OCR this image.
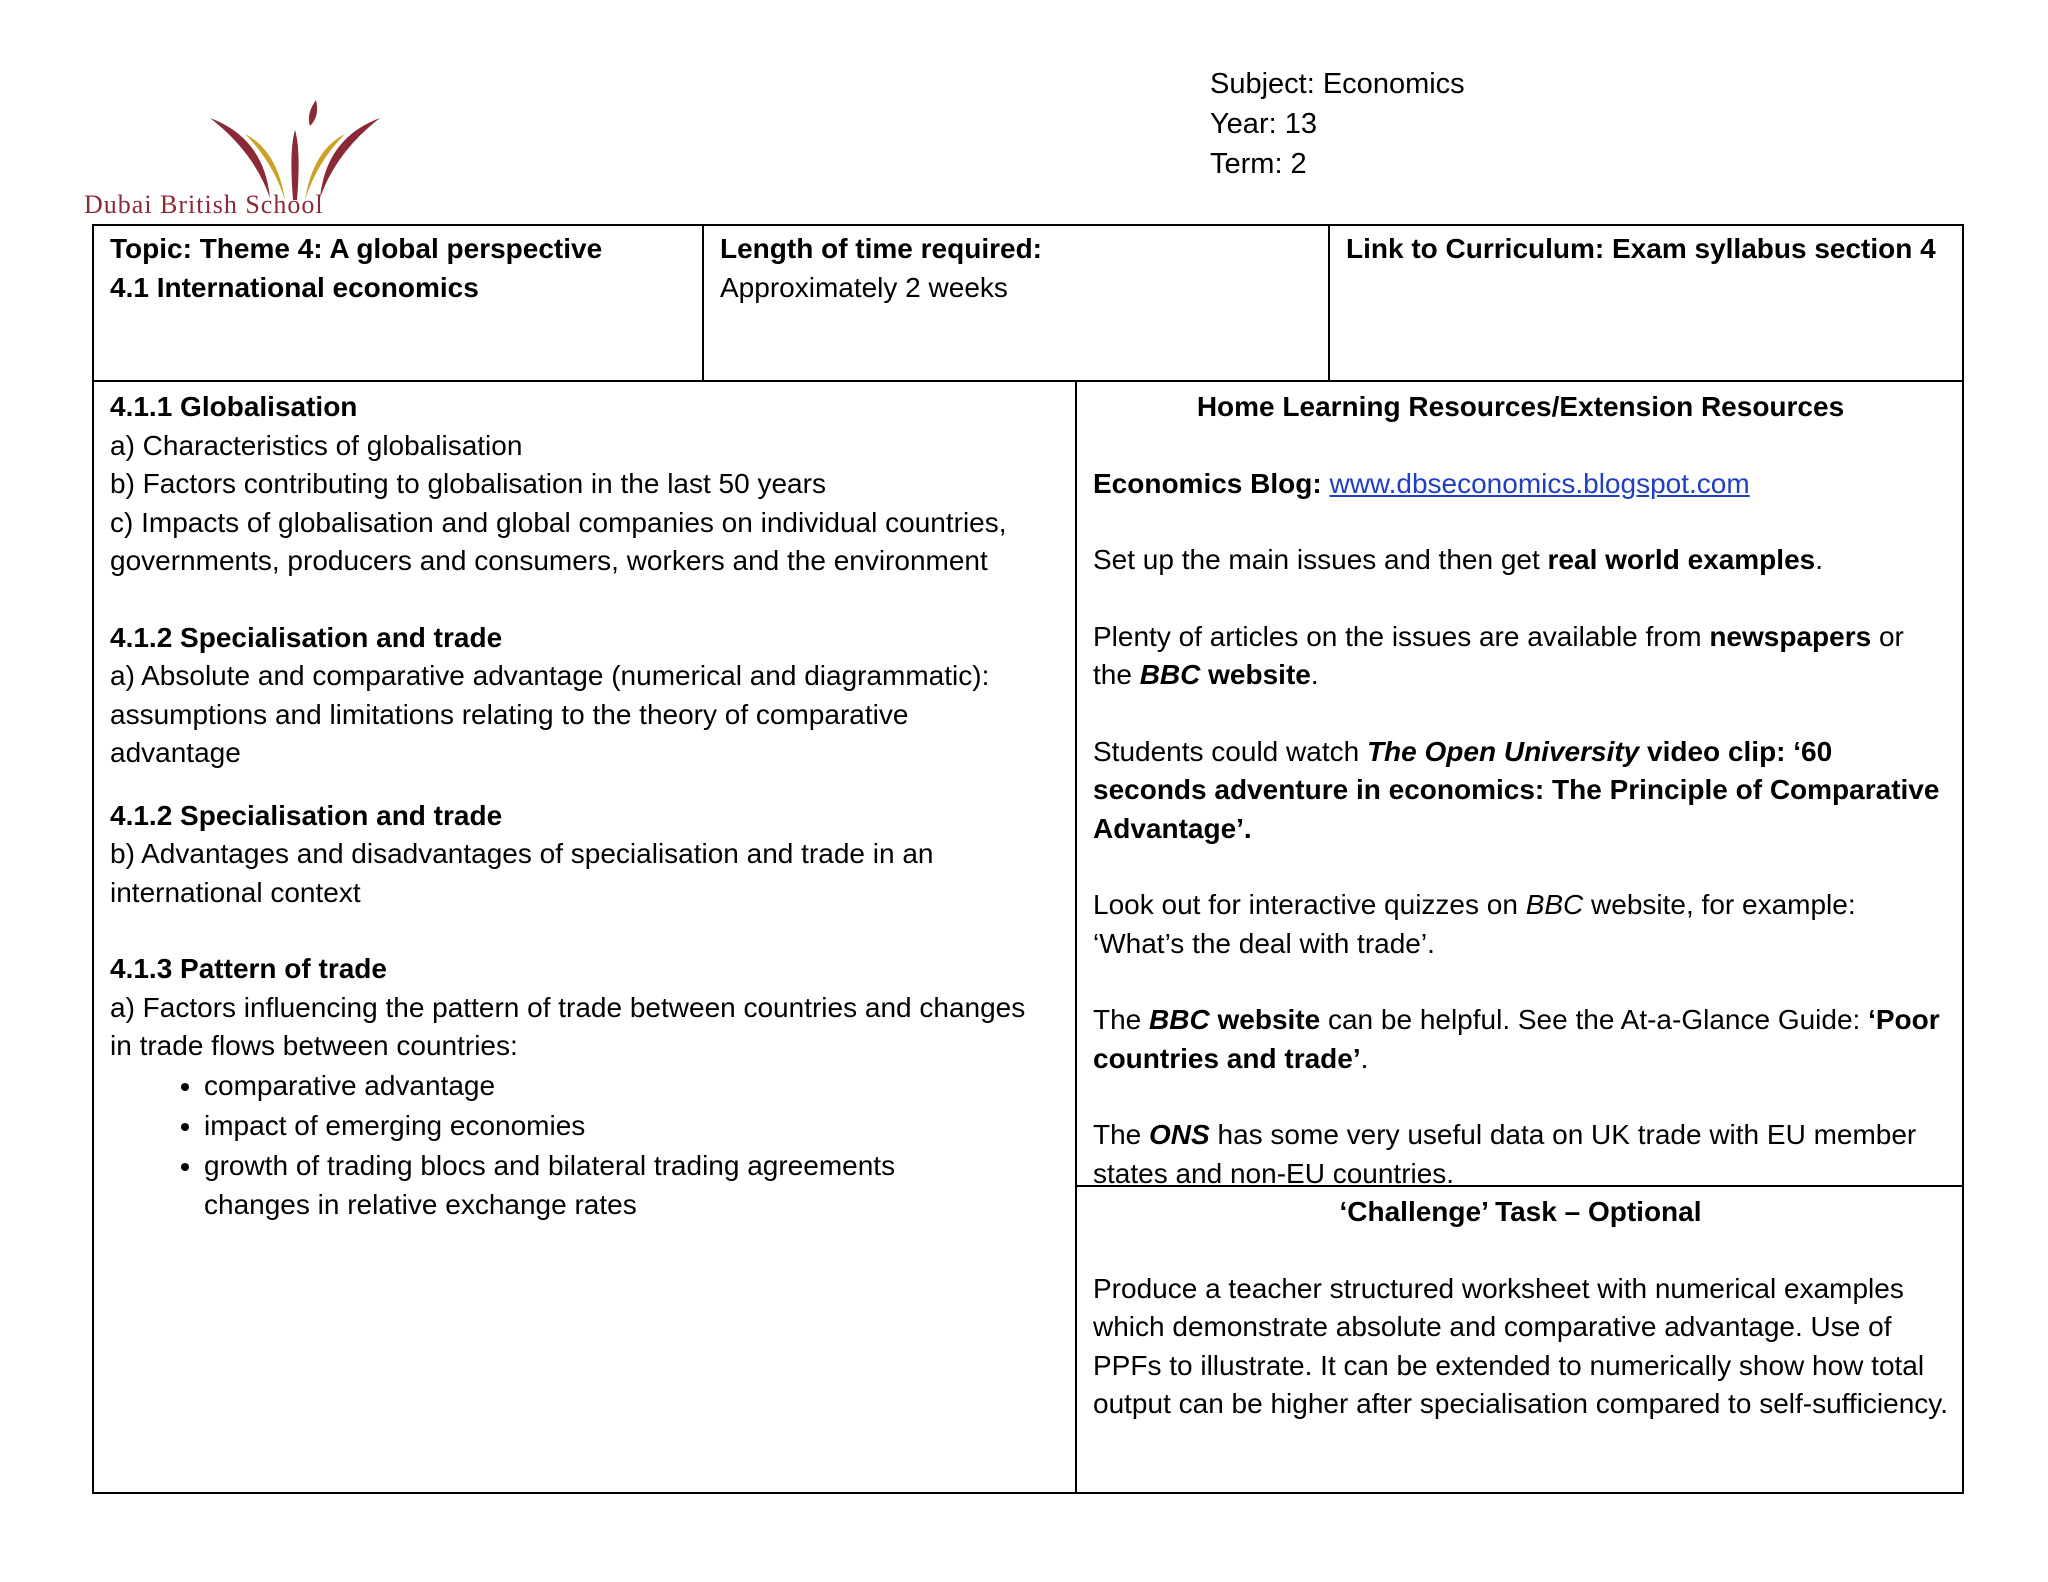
Dubai British School
Subject: Economics
Year: 13
Term: 2
Topic: Theme 4: A global perspective
4.1 International economics
Length of time required:
Approximately 2 weeks
Link to Curriculum: Exam syllabus section 4
4.1.1 Globalisation
a) Characteristics of globalisation
b) Factors contributing to globalisation in the last 50 years
c) Impacts of globalisation and global companies on individual countries,
governments, producers and consumers, workers and the environment
4.1.2 Specialisation and trade
a) Absolute and comparative advantage (numerical and diagrammatic):
assumptions and limitations relating to the theory of comparative
advantage
4.1.2 Specialisation and trade
b) Advantages and disadvantages of specialisation and trade in an
international context
4.1.3 Pattern of trade
a) Factors influencing the pattern of trade between countries and changes
in trade flows between countries:
• comparative advantage
• impact of emerging economies
• growth of trading blocs and bilateral trading agreements
changes in relative exchange rates
Home Learning Resources/Extension Resources
Economics Blog: www.dbseconomics.blogspot.com
Set up the main issues and then get real world examples.
Plenty of articles on the issues are available from newspapers or the BBC website.
Students could watch The Open University video clip: ‘60 seconds adventure in economics: The Principle of Comparative Advantage’.
Look out for interactive quizzes on BBC website, for example: ‘What’s the deal with trade’.
The BBC website can be helpful. See the At-a-Glance Guide: ‘Poor countries and trade’.
The ONS has some very useful data on UK trade with EU member states and non-EU countries.
‘Challenge’ Task – Optional
Produce a teacher structured worksheet with numerical examples which demonstrate absolute and comparative advantage. Use of PPFs to illustrate. It can be extended to numerically show how total output can be higher after specialisation compared to self-sufficiency.
